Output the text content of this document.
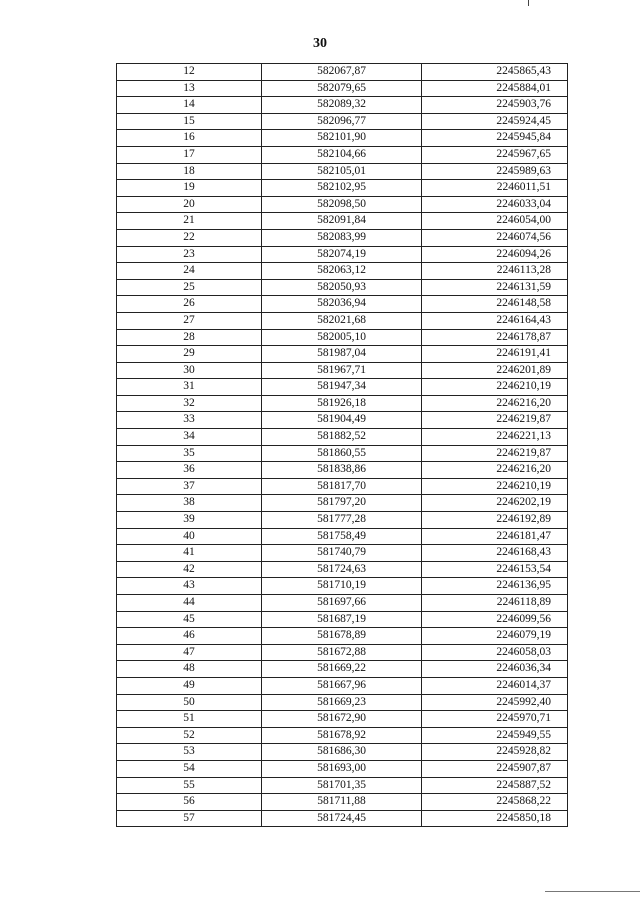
30
12	582067,87	2245865,43
13	582079,65	2245884,01
14	582089,32	2245903,76
15	582096,77	2245924,45
16	582101,90	2245945,84
17	582104,66	2245967,65
18	582105,01	2245989,63
19	582102,95	2246011,51
20	582098,50	2246033,04
21	582091,84	2246054,00
22	582083,99	2246074,56
23	582074,19	2246094,26
24	582063,12	2246113,28
25	582050,93	2246131,59
26	582036,94	2246148,58
27	582021,68	2246164,43
28	582005,10	2246178,87
29	581987,04	2246191,41
30	581967,71	2246201,89
31	581947,34	2246210,19
32	581926,18	2246216,20
33	581904,49	2246219,87
34	581882,52	2246221,13
35	581860,55	2246219,87
36	581838,86	2246216,20
37	581817,70	2246210,19
38	581797,20	2246202,19
39	581777,28	2246192,89
40	581758,49	2246181,47
41	581740,79	2246168,43
42	581724,63	2246153,54
43	581710,19	2246136,95
44	581697,66	2246118,89
45	581687,19	2246099,56
46	581678,89	2246079,19
47	581672,88	2246058,03
48	581669,22	2246036,34
49	581667,96	2246014,37
50	581669,23	2245992,40
51	581672,90	2245970,71
52	581678,92	2245949,55
53	581686,30	2245928,82
54	581693,00	2245907,87
55	581701,35	2245887,52
56	581711,88	2245868,22
57	581724,45	2245850,18
